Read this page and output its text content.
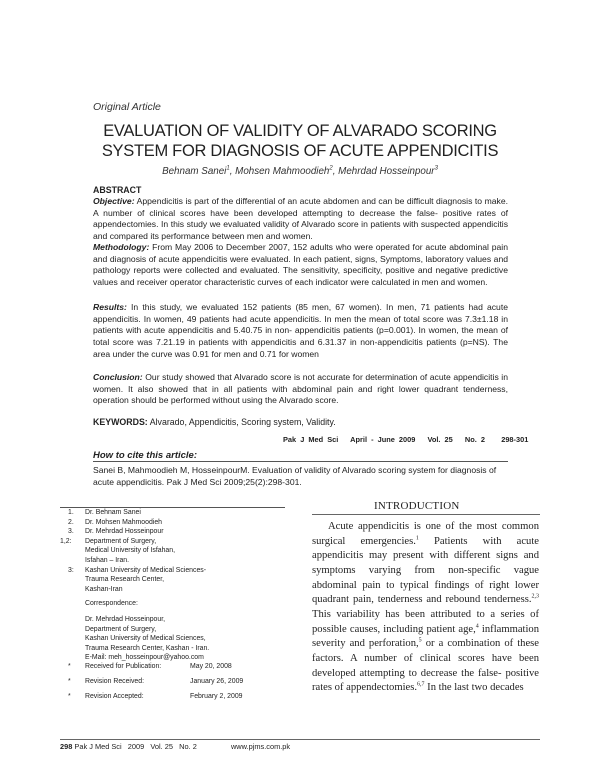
Original Article
EVALUATION OF VALIDITY OF ALVARADO SCORING
SYSTEM FOR DIAGNOSIS OF ACUTE APPENDICITIS
Behnam Sanei$^1$, Mohsen Mahmoodieh$^2$, Mehrdad Hosseinpour$^3$
ABSTRACT
Objective: Appendicitis is part of the differential of an acute abdomen and can be difficult diagnosis to make. A number of clinical scores have been developed attempting to decrease the false- positive rates of appendectomies. In this study we evaluated validity of Alvarado score in patients with suspected appendicitis and compared its performance between men and women.
Methodology: From May 2006 to December 2007, 152 adults who were operated for acute abdominal pain and diagnosis of acute appendicitis were evaluated. In each patient, signs, Symptoms, laboratory values and pathology reports were collected and evaluated. The sensitivity, specificity, positive and negative predictive values and receiver operator characteristic curves of each indicator were calculated in men and women.
Results: In this study, we evaluated 152 patients (85 men, 67 women). In men, 71 patients had acute appendicitis. In women, 49 patients had acute appendicitis. In men the mean of total score was 7.3±1.18 in patients with acute appendicitis and 5.40.75 in non- appendicitis patients (p=0.001). In women, the mean of total score was 7.21.19 in patients with appendicitis and 6.31.37 in non-appendicitis patients (p=NS). The area under the curve was 0.91 for men and 0.71 for women
Conclusion: Our study showed that Alvarado score is not accurate for determination of acute appendicitis in women. It also showed that in all patients with abdominal pain and right lower quadrant tenderness, operation should be performed without using the Alvarado score.
KEYWORDS: Alvarado, Appendicitis, Scoring system, Validity.
Pak J Med Sci   April - June 2009   Vol. 25   No. 2    298-301
How to cite this article:
Sanei B, Mahmoodieh M, HosseinpourM. Evaluation of validity of Alvarado scoring system for diagnosis of acute appendicitis. Pak J Med Sci 2009;25(2):298-301.
INTRODUCTION

Acute appendicitis is one of the most common surgical emergencies.$^1$ Patients with acute appendicitis may present with different signs and symptoms varying from non-specific vague abdominal pain to typical findings of right lower quadrant pain, tenderness and rebound tenderness.$^{2,3}$ This variability has been attributed to a series of possible causes, including patient age,$^4$ inflammation severity and perforation,$^5$ or a combination of these factors. A number of clinical scores have been developed attempting to decrease the false- positive rates of appendectomies.$^{6,7}$ In the last two decades

1. Dr. Behnam Sanei
2. Dr. Mohsen Mahmoodieh
3. Dr. Mehrdad Hosseinpour
1,2: Department of Surgery,
Medical University of Isfahan,
Isfahan – Iran.
3: Kashan University of Medical Sciences-
Trauma Research Center,
Kashan-Iran
Correspondence:
Dr. Mehrdad Hosseinpour,
Department of Surgery,
Kashan University of Medical Sciences,
Trauma Research Center, Kashan - Iran.
E-Mail: meh_hosseinpour@yahoo.com
* Received for Publication:	May 20, 2008
* Revision Received:	January 26, 2009
* Revision Accepted:	February 2, 2009
298 Pak J Med Sci   2009   Vol. 25   No. 2	www.pjms.com.pk
